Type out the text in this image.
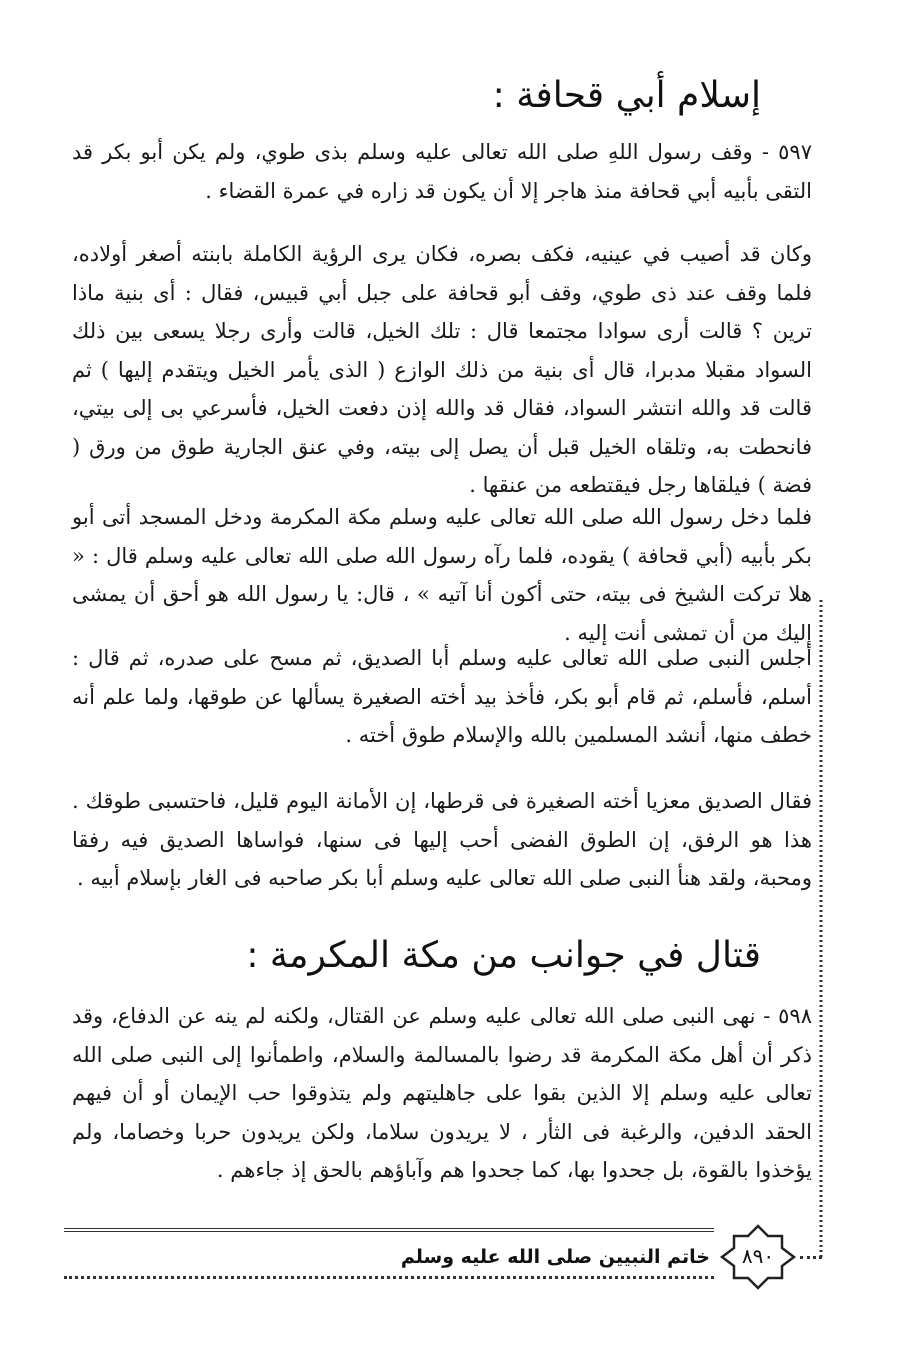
إسلام أبي قحافة :
٥٩٧ - وقف رسول اللهِ صلى الله تعالى عليه وسلم بذى طوي، ولم يكن أبو بكر قد التقى بأبيه أبي قحافة منذ هاجر إلا أن يكون قد زاره في عمرة القضاء .
وكان قد أصيب في عينيه، فكف بصره، فكان يرى الرؤية الكاملة بابنته أصغر أولاده، فلما وقف عند ذى طوي، وقف أبو قحافة على جبل أبي قبيس، فقال : أى بنية ماذا ترين ؟ قالت أرى سوادا مجتمعا قال : تلك الخيل، قالت وأرى رجلا يسعى بين ذلك السواد مقبلا مدبرا، قال أى بنية من ذلك الوازع ( الذى يأمر الخيل ويتقدم إليها ) ثم قالت قد والله انتشر السواد، فقال قد والله إذن دفعت الخيل، فأسرعي بى إلى بيتي، فانحطت به، وتلقاه الخيل قبل أن يصل إلى بيته، وفي عنق الجارية طوق من ورق ( فضة ) فيلقاها رجل فيقتطعه من عنقها .
فلما دخل رسول الله صلى الله تعالى عليه وسلم مكة المكرمة ودخل المسجد أتى أبو بكر بأبيه (أبي قحافة ) يقوده، فلما رآه رسول الله صلى الله تعالى عليه وسلم قال : « هلا تركت الشيخ فى بيته، حتى أكون أنا آتيه » ، قال: يا رسول الله هو أحق أن يمشى إليك من أن تمشى أنت إليه .
أجلس النبى صلى الله تعالى عليه وسلم أبا الصديق، ثم مسح على صدره، ثم قال : أسلم، فأسلم، ثم قام أبو بكر، فأخذ بيد أخته الصغيرة يسألها عن طوقها، ولما علم أنه خطف منها، أنشد المسلمين بالله والإسلام طوق أخته .
فقال الصديق معزيا أخته الصغيرة فى قرطها، إن الأمانة اليوم قليل، فاحتسبى طوقك . هذا هو الرفق، إن الطوق الفضى أحب إليها فى سنها، فواساها الصديق فيه رفقا ومحبة، ولقد هنأ النبى صلى الله تعالى عليه وسلم أبا بكر صاحبه فى الغار بإسلام أبيه .
قتال في جوانب من مكة المكرمة :
٥٩٨ - نهى النبى صلى الله تعالى عليه وسلم عن القتال، ولكنه لم ينه عن الدفاع، وقد ذكر أن أهل مكة المكرمة قد رضوا بالمسالمة والسلام، واطمأنوا إلى النبى صلى الله تعالى عليه وسلم إلا الذين بقوا على جاهليتهم ولم يتذوقوا حب الإيمان أو أن فيهم الحقد الدفين، والرغبة فى الثأر ، لا يريدون سلاما، ولكن يريدون حربا وخصاما، ولم يؤخذوا بالقوة، بل جحدوا بها، كما جحدوا هم وآباؤهم بالحق إذ جاءهم .
٨٩٠
خاتم النبيين صلى الله عليه وسلم
